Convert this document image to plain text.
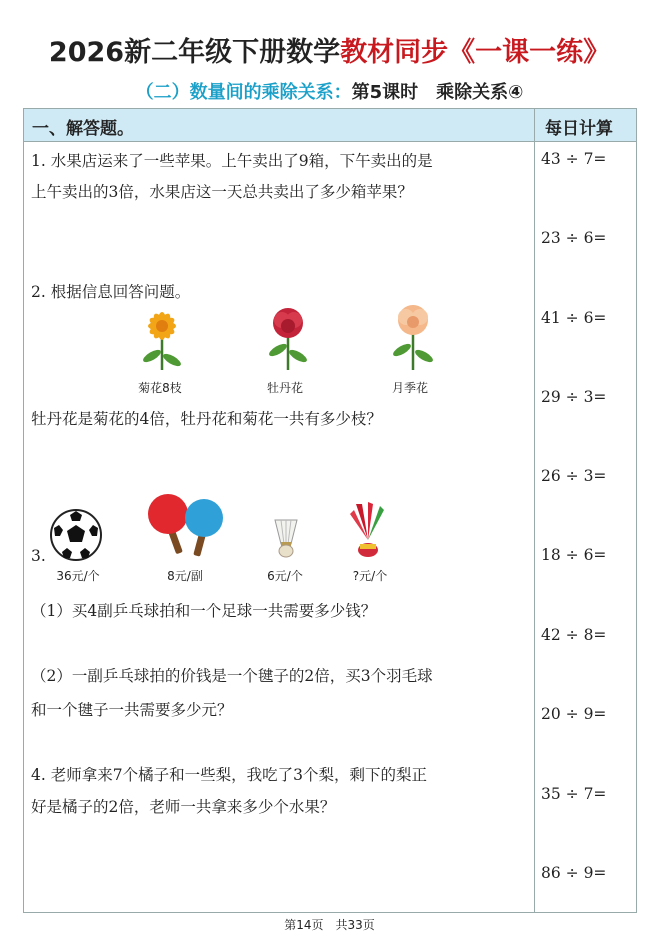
2026新二年级下册数学教材同步《一课一练》
（二）数量间的乘除关系：第5课时　乘除关系④
一、解答题。	每日计算
1. 水果店运来了一些苹果。上午卖出了9箱，下午卖出的是
上午卖出的3倍，水果店这一天总共卖出了多少箱苹果？
2. 根据信息回答问题。
菊花8枝	牡丹花	月季花
牡丹花是菊花的4倍，牡丹花和菊花一共有多少枝？
3.
36元/个	8元/副	6元/个	?元/个
（1）买4副乒乓球拍和一个足球一共需要多少钱？
（2）一副乒乓球拍的价钱是一个毽子的2倍，买3个羽毛球
和一个毽子一共需要多少元？
4. 老师拿来7个橘子和一些梨，我吃了3个梨，剩下的梨正
好是橘子的2倍，老师一共拿来多少个水果？
43 ÷ 7=
23 ÷ 6=
41 ÷ 6=
29 ÷ 3=
26 ÷ 3=
18 ÷ 6=
42 ÷ 8=
20 ÷ 9=
35 ÷ 7=
86 ÷ 9=
第14页　共33页
